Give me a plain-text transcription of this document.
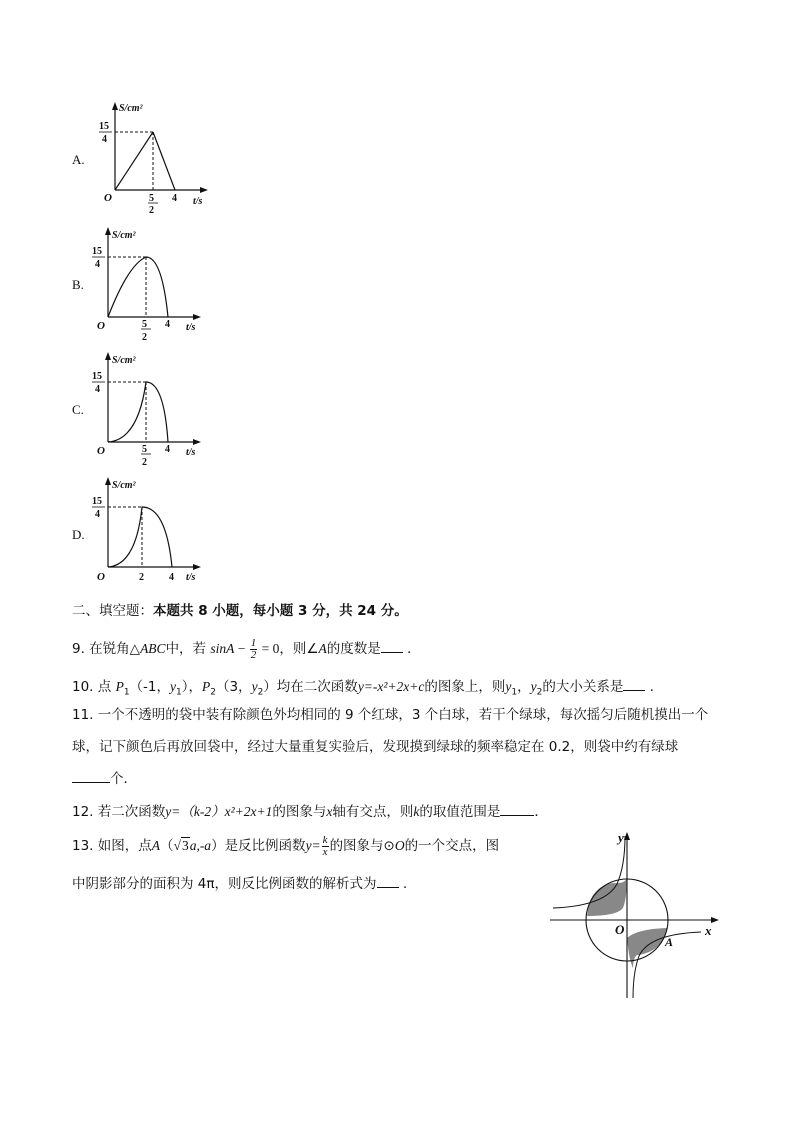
A.
B.
C.
D.
S/cm²
15
4
O	5
2
4 t/s
S/cm²
15
4
O	5
2
4 t/s
S/cm²
15
4
O	5
2
4 t/s
S/cm²
15
4
O	2	4 t/s
二、填空题：本题共 8 小题，每小题 3 分，共 24 分。
9. 在锐角△ABC中，若 $\sin A - \frac{1}{2} = 0$，则∠A的度数是 .
10. 点 $P_1(-1$，$y_1$），$P_2(3$，$y_2$）均在二次函数y=-x²+2x+c的图象上，则$y_1$，$y_2$的大小关系是 .
11. 一个不透明的袋中装有除颜色外均相同的 9 个红球，3 个白球，若干个绿球，每次摇匀后随机摸出一个
球，记下颜色后再放回袋中，经过大量重复实验后，发现摸到绿球的频率稳定在 0.2，则袋中约有绿球
个．
12. 若二次函数y=（k-2）x²+2x+1的图象与x轴有交点，则k的取值范围是	．
13. 如图，点A（√3a,-a）是反比例函数$y= \frac{k}{x}$ 的图象与⊙O的一个交点，图
中阴影部分的面积为 4π，则反比例函数的解析式为 .
y
x
O
A
